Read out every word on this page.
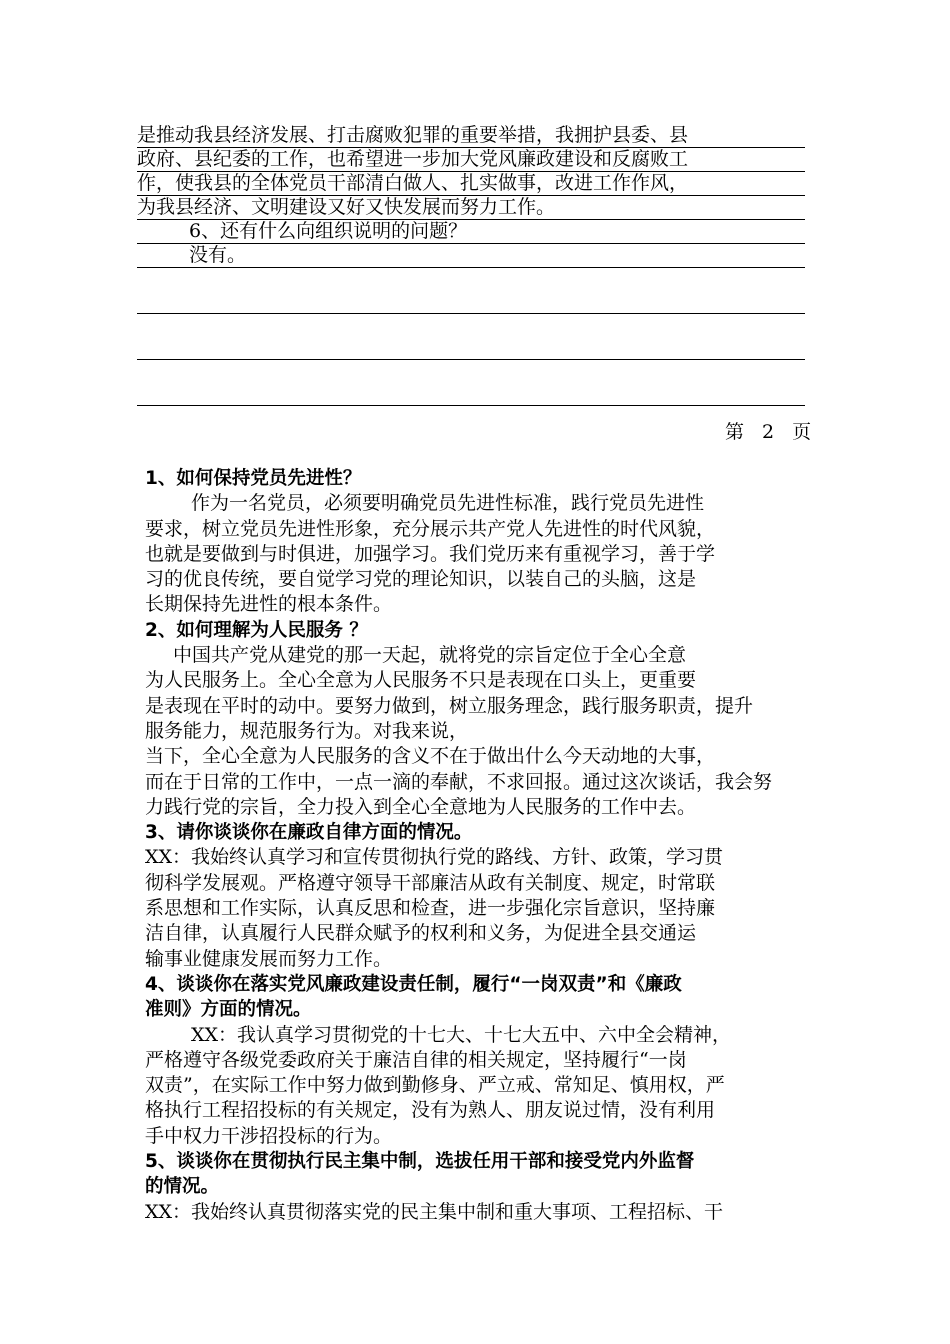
是推动我县经济发展、打击腐败犯罪的重要举措，我拥护县委、县
政府、县纪委的工作，也希望进一步加大党风廉政建设和反腐败工
作，使我县的全体党员干部清白做人、扎实做事，改进工作作风，
为我县经济、文明建设又好又快发展而努力工作。
6、还有什么向组织说明的问题？
没有。
第 2 页
1、如何保持党员先进性？
作为一名党员，必须要明确党员先进性标准，践行党员先进性
要求，树立党员先进性形象，充分展示共产党人先进性的时代风貌，
也就是要做到与时俱进，加强学习。我们党历来有重视学习，善于学
习的优良传统，要自觉学习党的理论知识，以装自己的头脑，这是
长期保持先进性的根本条件。
2、如何理解为人民服务 ？
中国共产党从建党的那一天起，就将党的宗旨定位于全心全意
为人民服务上。全心全意为人民服务不只是表现在口头上，更重要
是表现在平时的动中。要努力做到，树立服务理念，践行服务职责，提升
服务能力，规范服务行为。对我来说，
当下，全心全意为人民服务的含义不在于做出什么今天动地的大事，
而在于日常的工作中，一点一滴的奉献，不求回报。通过这次谈话，我会努
力践行党的宗旨，全力投入到全心全意地为人民服务的工作中去。
3、请你谈谈你在廉政自律方面的情况。
XX：我始终认真学习和宣传贯彻执行党的路线、方针、政策，学习贯
彻科学发展观。严格遵守领导干部廉洁从政有关制度、规定，时常联
系思想和工作实际，认真反思和检查，进一步强化宗旨意识，坚持廉
洁自律，认真履行人民群众赋予的权利和义务，为促进全县交通运
输事业健康发展而努力工作。
4、谈谈你在落实党风廉政建设责任制，履行“一岗双责”和《廉政
准则》方面的情况。
XX：我认真学习贯彻党的十七大、十七大五中、六中全会精神，
严格遵守各级党委政府关于廉洁自律的相关规定，坚持履行“一岗
双责”，在实际工作中努力做到勤修身、严立戒、常知足、慎用权，严
格执行工程招投标的有关规定，没有为熟人、朋友说过情，没有利用
手中权力干涉招投标的行为。
5、谈谈你在贯彻执行民主集中制，选拔任用干部和接受党内外监督
的情况。
XX：我始终认真贯彻落实党的民主集中制和重大事项、工程招标、干
